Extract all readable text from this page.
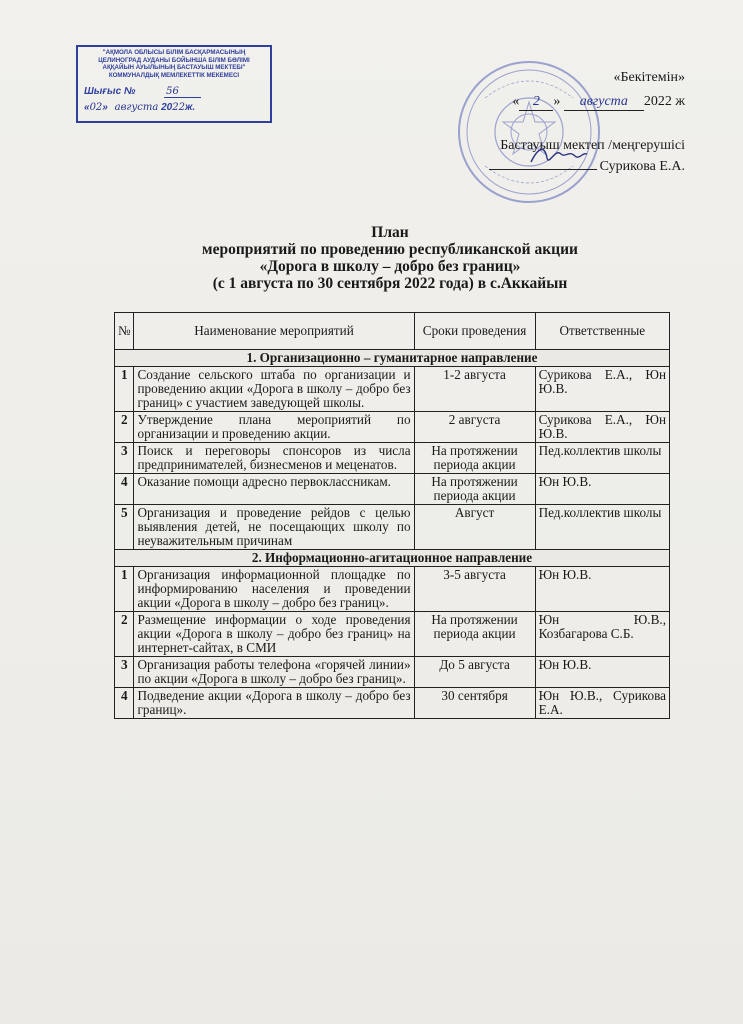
"АҚМОЛА ОБЛЫСЫ БІЛІМ БАСҚАРМАСЫНЫҢ
ЦЕЛИНОГРАД АУДАНЫ БОЙЫНША БІЛІМ БӨЛІМІ
АҚҚАЙЫН АУЫЛЫНЫҢ БАСТАУЫШ МЕКТЕБІ"
КОММУНАЛДЫҚ МЕМЛЕКЕТТІК МЕКЕМЕСІ
Шығыс №	56
«02» августа 2022ж.
«Бекітемін»
« 2 » августа 2022 ж
Бастауыш мектеп /меңгерушісі
Сурикова Е.А.
План
мероприятий по проведению республиканской акции
«Дорога в школу – добро без границ»
(с 1 августа по 30 сентября 2022 года) в с.Аккайын
№	Наименование мероприятий	Сроки проведения	Ответственные
1. Организационно – гуманитарное направление			
1	Создание сельского штаба по организации и проведению акции «Дорога в школу – добро без границ» с участием заведующей школы.	1-2 августа	Сурикова Е.А., Юн Ю.В.
2	Утверждение плана мероприятий по организации и проведению акции.	2 августа	Сурикова Е.А., Юн Ю.В.
3	Поиск и переговоры спонсоров из числа предпринимателей, бизнесменов и меценатов.	На протяжении периода акции	Пед.коллектив школы
4	Оказание помощи адресно первоклассникам.	На протяжении периода акции	Юн Ю.В.
5	Организация и проведение рейдов с целью выявления детей, не посещающих школу по неуважительным причинам	Август	Пед.коллектив школы
2. Информационно-агитационное направление			
1	Организация информационной площадке по информированию населения и проведении акции «Дорога в школу – добро без границ».	3-5 августа	Юн Ю.В.
2	Размещение информации о ходе проведения акции «Дорога в школу – добро без границ» на интернет-сайтах, в СМИ	На протяжении периода акции	Юн Ю.В., Козбагарова С.Б.
3	Организация работы телефона «горячей линии» по акции «Дорога в школу – добро без границ».	До 5 августа	Юн Ю.В.
4	Подведение акции «Дорога в школу – добро без границ».	30 сентября	Юн Ю.В., Сурикова Е.А.
